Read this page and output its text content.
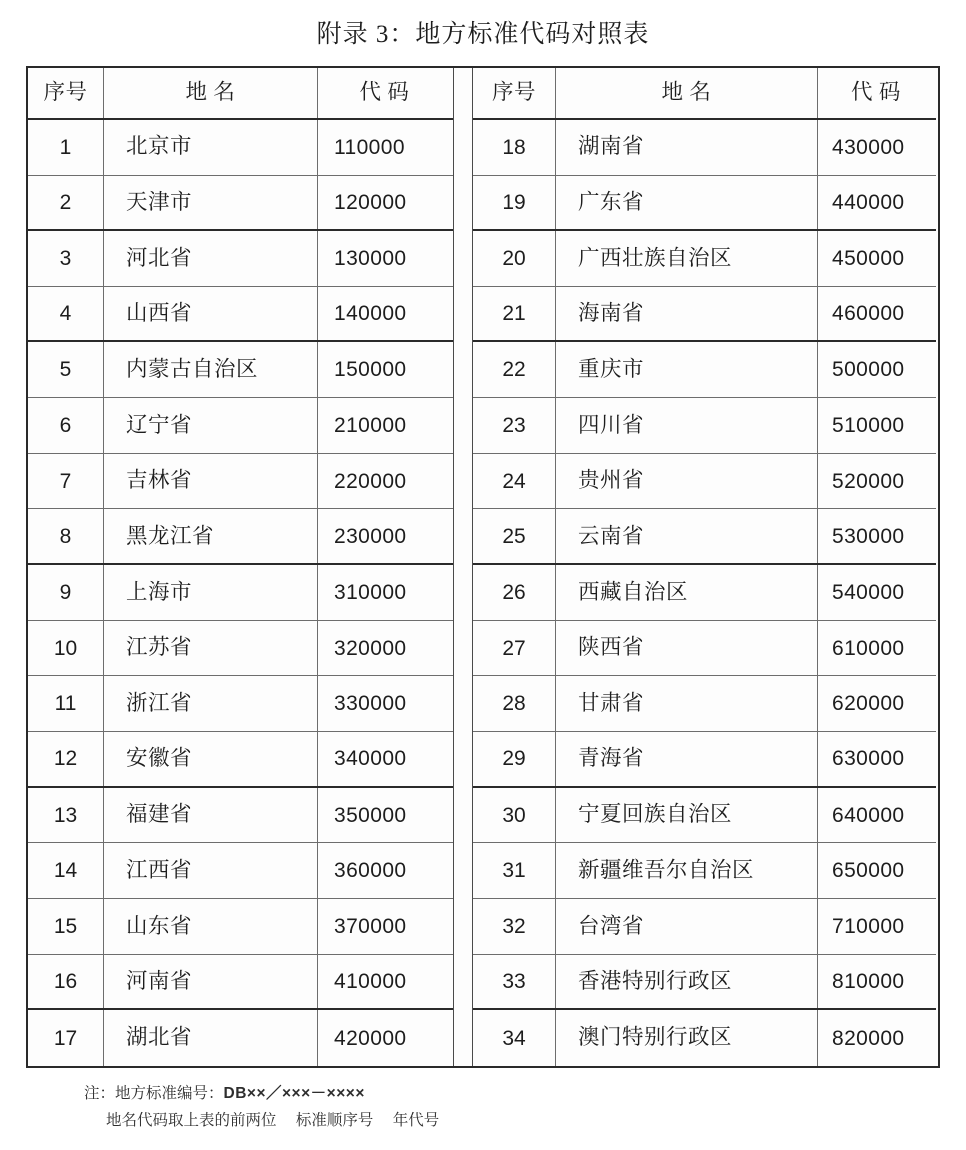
附录 3：地方标准代码对照表
序号	地 名	代 码
1	北京市	110000
2	天津市	120000
3	河北省	130000
4	山西省	140000
5	内蒙古自治区	150000
6	辽宁省	210000
7	吉林省	220000
8	黑龙江省	230000
9	上海市	310000
10	江苏省	320000
11	浙江省	330000
12	安徽省	340000
13	福建省	350000
14	江西省	360000
15	山东省	370000
16	河南省	410000
17	湖北省	420000
序号	地 名	代 码
18	湖南省	430000
19	广东省	440000
20	广西壮族自治区	450000
21	海南省	460000
22	重庆市	500000
23	四川省	510000
24	贵州省	520000
25	云南省	530000
26	西藏自治区	540000
27	陕西省	610000
28	甘肃省	620000
29	青海省	630000
30	宁夏回族自治区	640000
31	新疆维吾尔自治区	650000
32	台湾省	710000
33	香港特别行政区	810000
34	澳门特别行政区	820000
注：地方标准编号：DB××／×××－××××
地名代码取上表的前两位     标准顺序号     年代号
